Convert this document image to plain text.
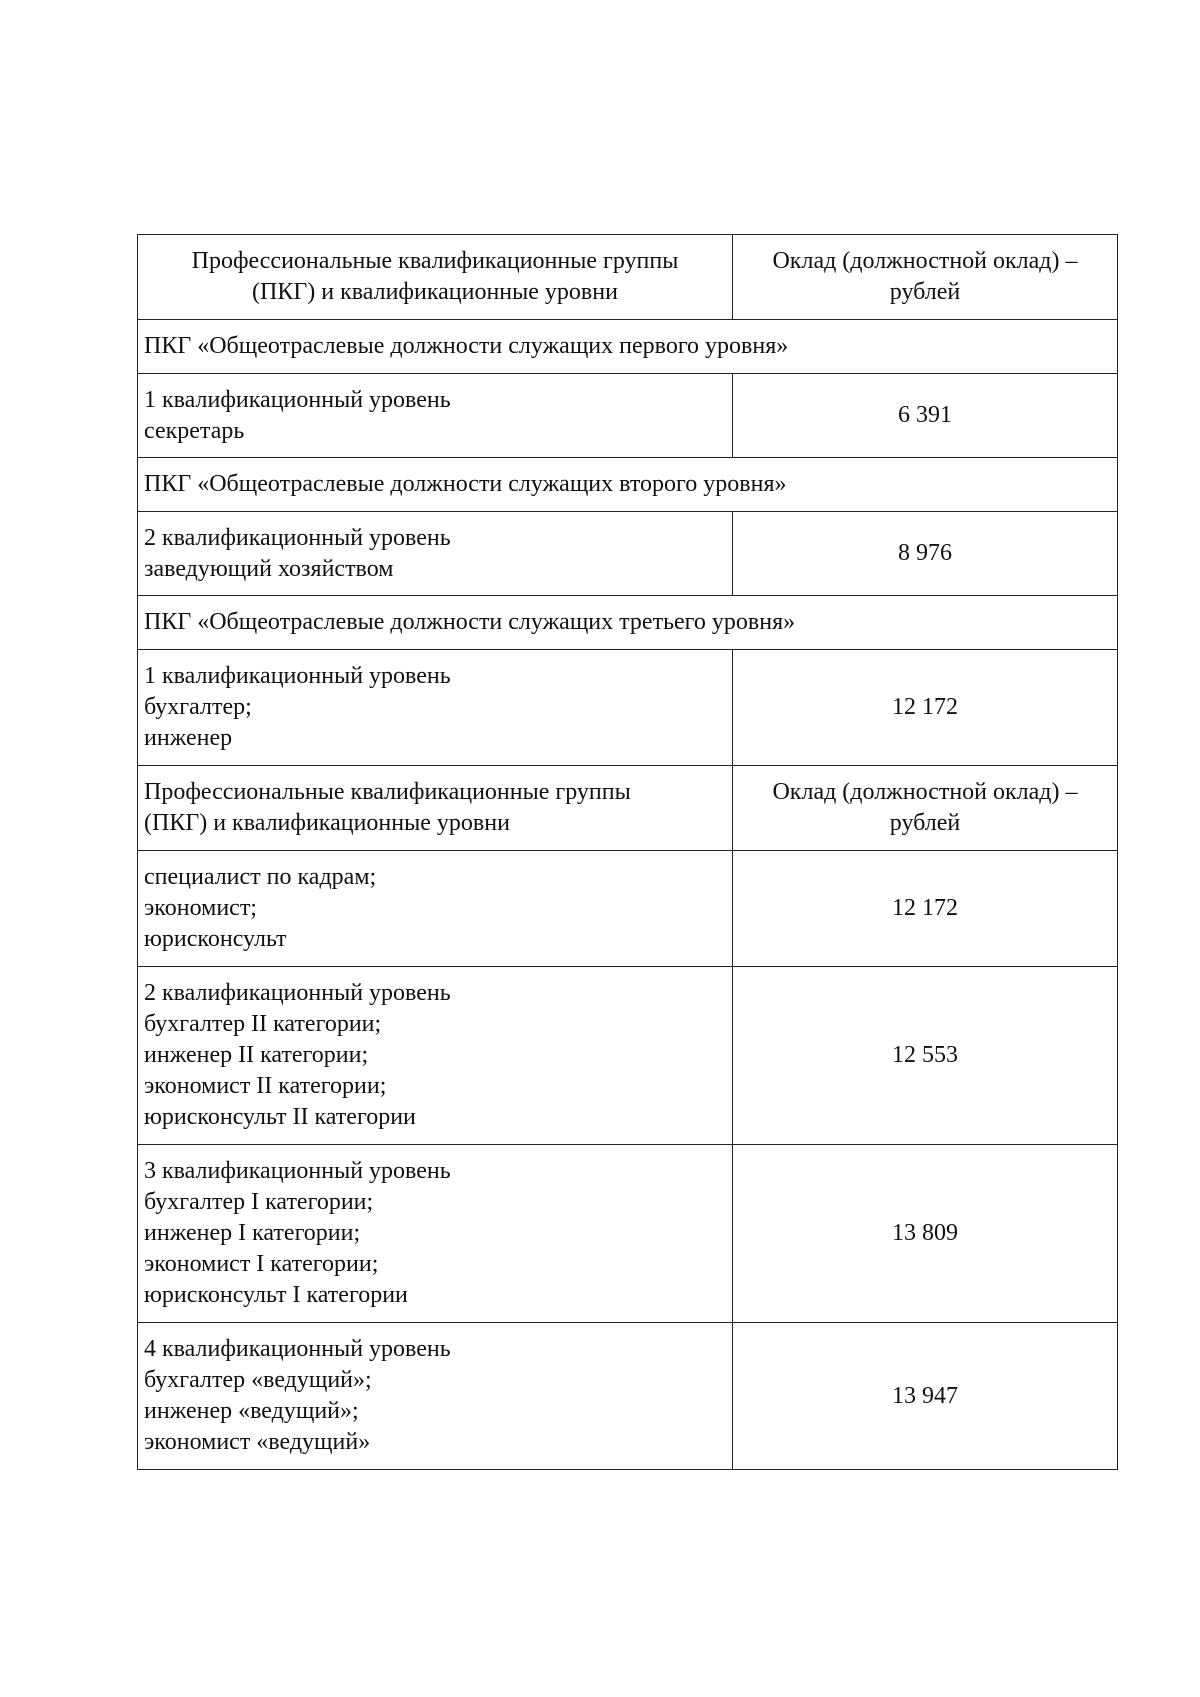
Профессиональные квалификационные группы
(ПКГ) и квалификационные уровни	Оклад (должностной оклад) –
рублей

ПКГ «Общеотраслевые должности служащих первого уровня»	

1 квалификационный уровень
секретарь	6 391
ПКГ «Общеотраслевые должности служащих второго уровня»	

2 квалификационный уровень
заведующий хозяйством	8 976
ПКГ «Общеотраслевые должности служащих третьего уровня»	

1 квалификационный уровень
бухгалтер;
инженер	12 172

Профессиональные квалификационные группы
(ПКГ) и квалификационные уровни	Оклад (должностной оклад) –
рублей

специалист по кадрам;
экономист;
юрисконсульт	12 172

2 квалификационный уровень
бухгалтер II категории;
инженер II категории;
экономист II категории;
юрисконсульт II категории	12 553

3 квалификационный уровень
бухгалтер I категории;
инженер I категории;
экономист I категории;
юрисконсульт I категории	13 809

4 квалификационный уровень
бухгалтер «ведущий»;
инженер «ведущий»;
экономист «ведущий»	13 947
